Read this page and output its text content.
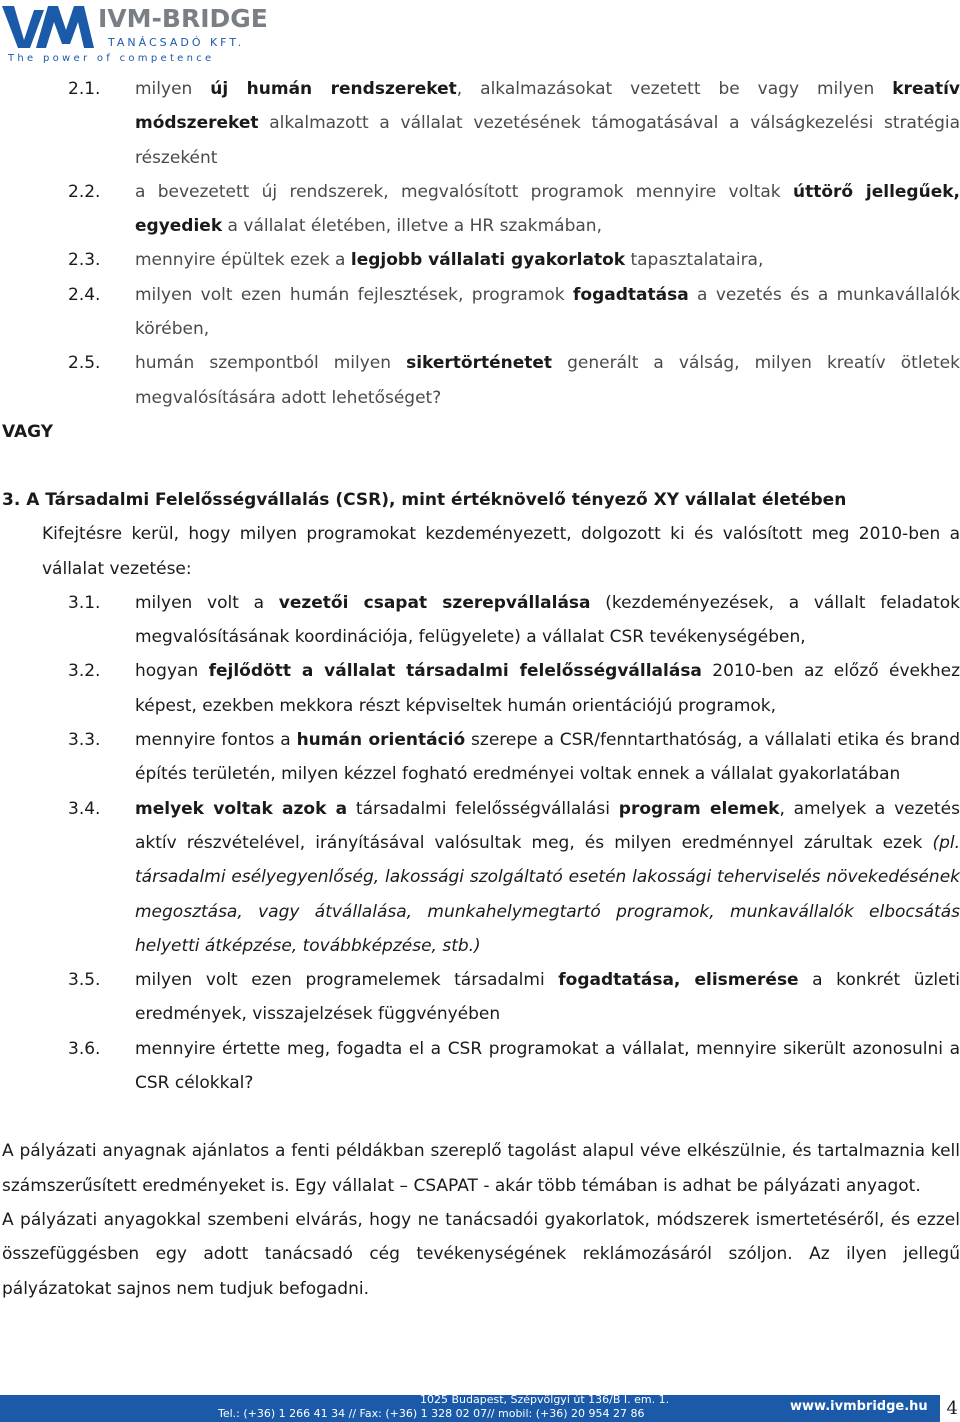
IVM-BRIDGE
TANÁCSADÓ KFT.
The power of competence
2.1.	milyen új humán rendszereket, alkalmazásokat vezetett be vagy milyen kreatív módszereket alkalmazott a vállalat vezetésének támogatásával a válságkezelési stratégia részeként
2.2.	a bevezetett új rendszerek, megvalósított programok mennyire voltak úttörő jellegűek, egyediek a vállalat életében, illetve a HR szakmában,
2.3.	mennyire épültek ezek a legjobb vállalati gyakorlatok tapasztalataira,
2.4.	milyen volt ezen humán fejlesztések, programok fogadtatása a vezetés és a munkavállalók körében,
2.5.	humán szempontból milyen sikertörténetet generált a válság, milyen kreatív ötletek megvalósítására adott lehetőséget?
VAGY
3. A Társadalmi Felelősségvállalás (CSR), mint értéknövelő tényező XY vállalat életében
Kifejtésre kerül, hogy milyen programokat kezdeményezett, dolgozott ki és valósított meg 2010-ben a vállalat vezetése:
3.1.	milyen volt a vezetői csapat szerepvállalása (kezdeményezések, a vállalt feladatok megvalósításának koordinációja, felügyelete) a vállalat CSR tevékenységében,
3.2.	hogyan fejlődött a vállalat társadalmi felelősségvállalása 2010-ben az előző évekhez képest, ezekben mekkora részt képviseltek humán orientációjú programok,
3.3.	mennyire fontos a humán orientáció szerepe a CSR/fenntarthatóság, a vállalati etika és brand építés területén, milyen kézzel fogható eredményei voltak ennek a vállalat gyakorlatában
3.4.	melyek voltak azok a társadalmi felelősségvállalási program elemek, amelyek a vezetés aktív részvételével, irányításával valósultak meg, és milyen eredménnyel zárultak ezek (pl. társadalmi esélyegyenlőség, lakossági szolgáltató esetén lakossági teherviselés növekedésének megosztása, vagy átvállalása, munkahelymegtartó programok, munkavállalók elbocsátás helyetti átképzése, továbbképzése, stb.)
3.5.	milyen volt ezen programelemek társadalmi fogadtatása, elismerése a konkrét üzleti eredmények, visszajelzések függvényében
3.6.	mennyire értette meg, fogadta el a CSR programokat a vállalat, mennyire sikerült azonosulni a CSR célokkal?
A pályázati anyagnak ajánlatos a fenti példákban szereplő tagolást alapul véve elkészülnie, és tartalmaznia kell számszerűsített eredményeket is. Egy vállalat – CSAPAT - akár több témában is adhat be pályázati anyagot.
A pályázati anyagokkal szembeni elvárás, hogy ne tanácsadói gyakorlatok, módszerek ismertetéséről, és ezzel összefüggésben egy adott tanácsadó cég tevékenységének reklámozásáról szóljon. Az ilyen jellegű pályázatokat sajnos nem tudjuk befogadni.
1025 Budapest, Szépvölgyi út 136/B I. em. 1.
Tel.: (+36) 1 266 41 34 // Fax: (+36) 1 328 02 07// mobil: (+36) 20 954 27 86	www.ivmbridge.hu 4
